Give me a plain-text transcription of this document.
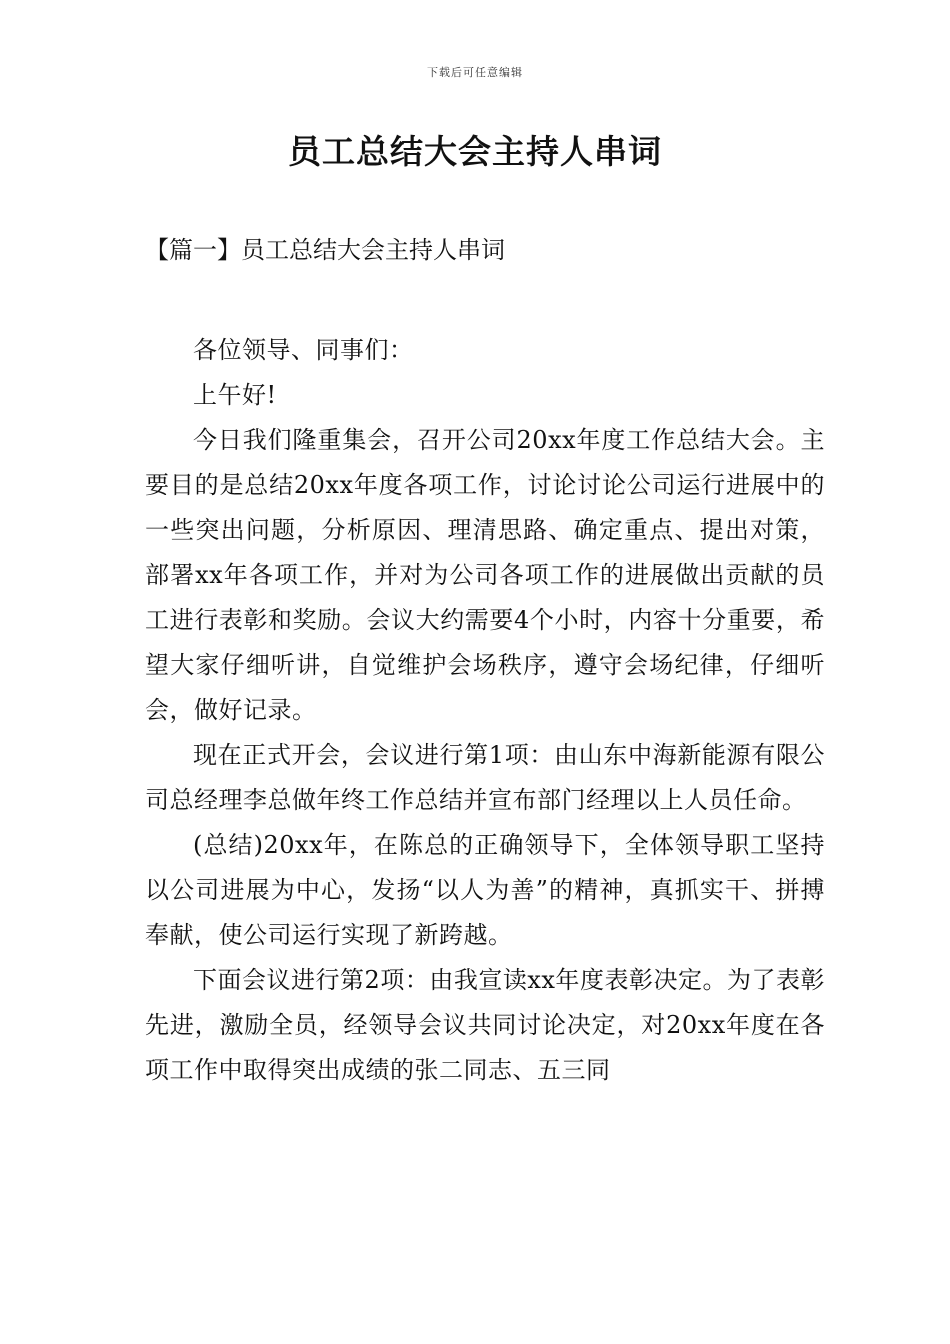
下载后可任意编辑
员工总结大会主持人串词
【篇一】员工总结大会主持人串词

各位领导、同事们：

上午好!

今日我们隆重集会，召开公司20xx年度工作总结大会。主要目的是总结20xx年度各项工作，讨论讨论公司运行进展中的一些突出问题，分析原因、理清思路、确定重点、提出对策，部署xx年各项工作，并对为公司各项工作的进展做出贡献的员工进行表彰和奖励。会议大约需要4个小时，内容十分重要，希望大家仔细听讲，自觉维护会场秩序，遵守会场纪律，仔细听会，做好记录。

现在正式开会，会议进行第1项：由山东中海新能源有限公司总经理李总做年终工作总结并宣布部门经理以上人员任命。

(总结)20xx年，在陈总的正确领导下，全体领导职工坚持以公司进展为中心，发扬“以人为善”的精神，真抓实干、拼搏奉献，使公司运行实现了新跨越。

下面会议进行第2项：由我宣读xx年度表彰决定。为了表彰先进，激励全员，经领导会议共同讨论决定，对20xx年度在各项工作中取得突出成绩的张二同志、五三同
